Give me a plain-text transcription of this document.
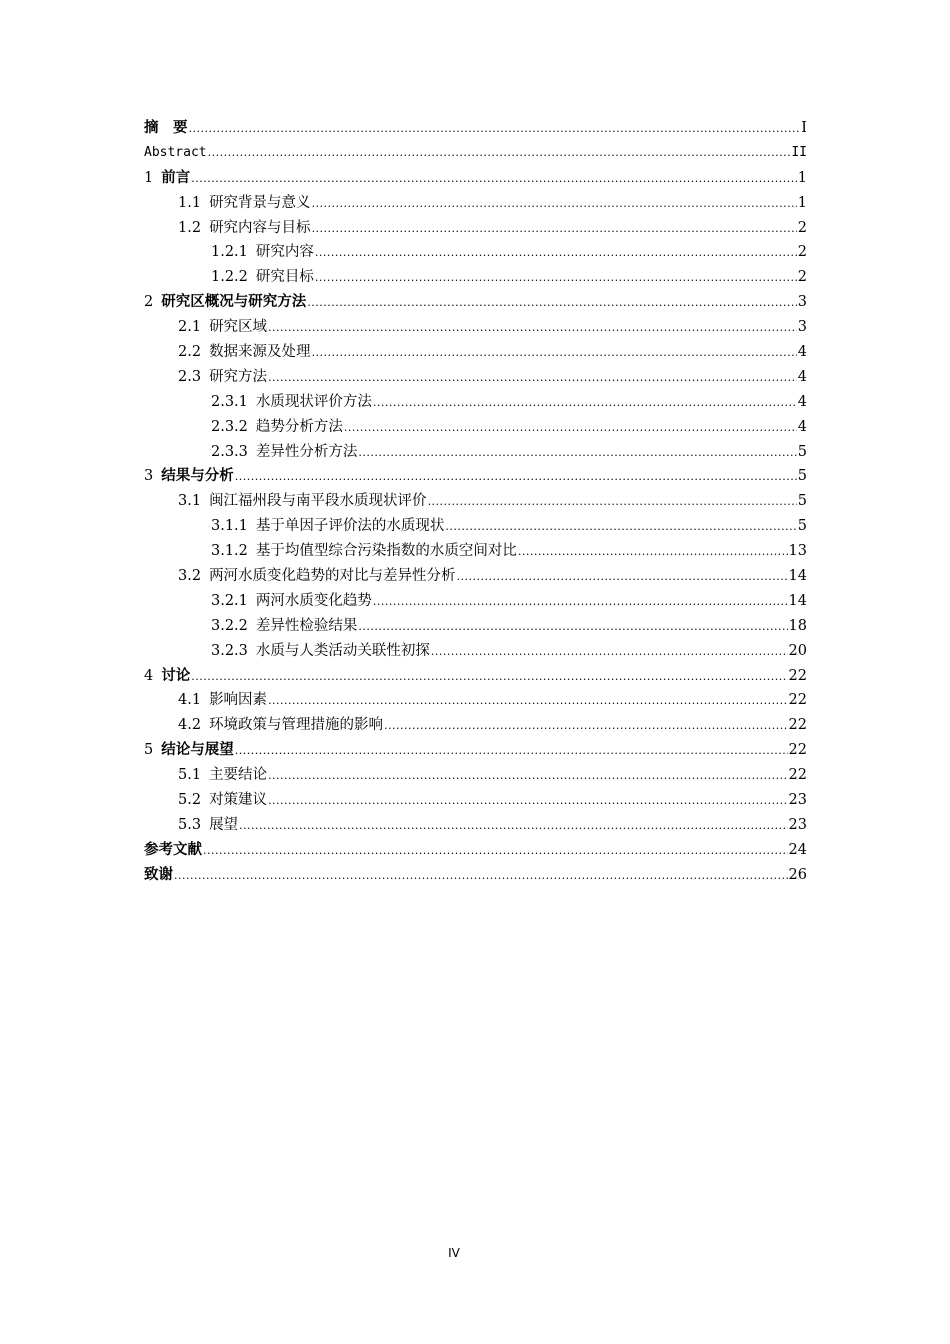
摘　要 .....	I
Abstract .....	II
1 前言 .....	1
1.1 研究背景与意义 .....	1
1.2 研究内容与目标 .....	2
1.2.1 研究内容 .....	2
1.2.2 研究目标 .....	2
2 研究区概况与研究方法 .....	3
2.1 研究区域 .....	3
2.2 数据来源及处理 .....	4
2.3 研究方法 .....	4
2.3.1 水质现状评价方法 .....	4
2.3.2 趋势分析方法 .....	4
2.3.3 差异性分析方法 .....	5
3 结果与分析 .....	5
3.1 闽江福州段与南平段水质现状评价 .....	5
3.1.1 基于单因子评价法的水质现状 .....	5
3.1.2 基于均值型综合污染指数的水质空间对比 .....	13
3.2 两河水质变化趋势的对比与差异性分析 .....	14
3.2.1 两河水质变化趋势 .....	14
3.2.2 差异性检验结果 .....	18
3.2.3 水质与人类活动关联性初探 .....	20
4 讨论 .....	22
4.1 影响因素 .....	22
4.2 环境政策与管理措施的影响 .....	22
5 结论与展望 .....	22
5.1 主要结论 .....	22
5.2 对策建议 .....	23
5.3 展望 .....	23
参考文献 .....	24
致谢 .....	26
IV
